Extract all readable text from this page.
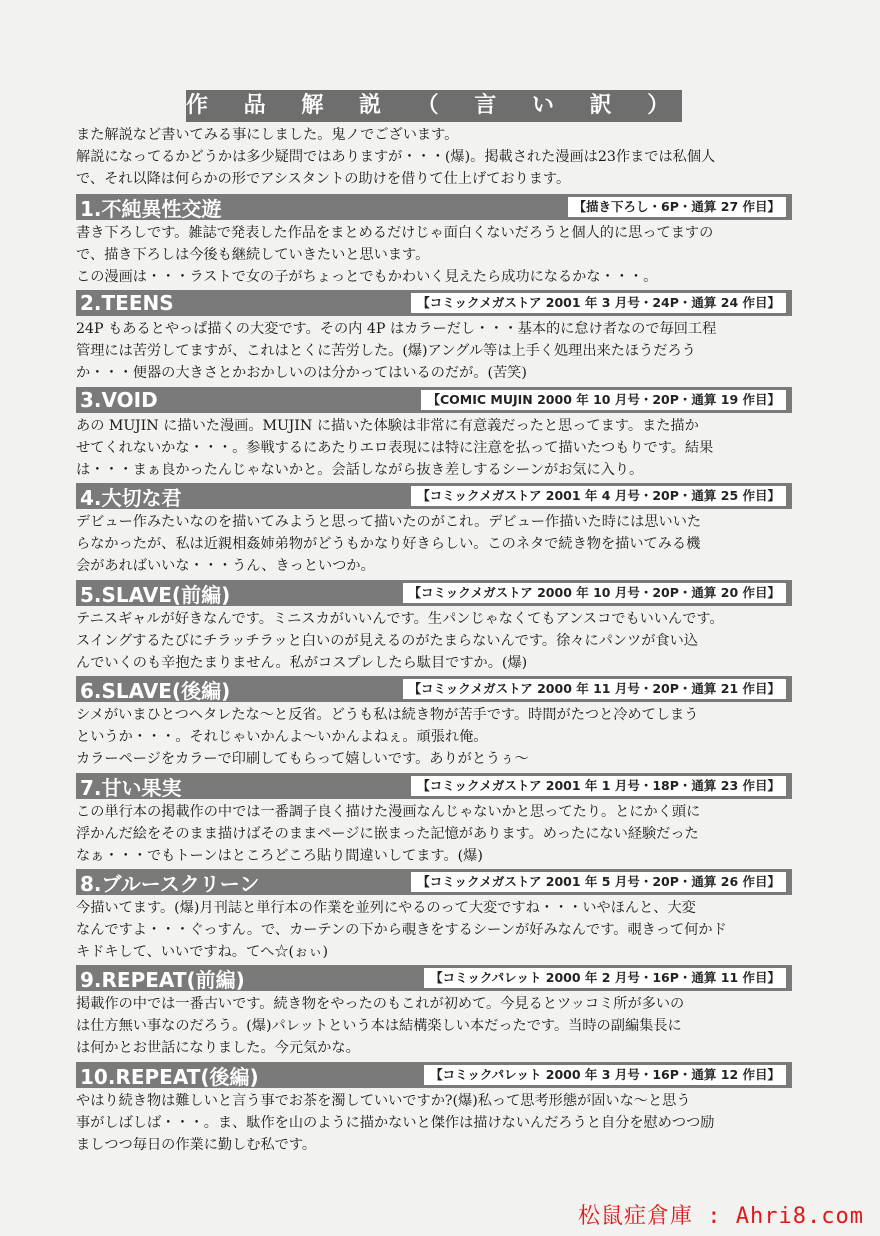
作 品 解 説 （ 言 い 訳 ）
また解説など書いてみる事にしました。鬼ノでございます。
解説になってるかどうかは多少疑問ではありますが・・・(爆)。掲載された漫画は23作までは私個人
で、それ以降は何らかの形でアシスタントの助けを借りて仕上げております。
1.不純異性交遊	【描き下ろし・6P・通算 27 作目】
書き下ろしです。雑誌で発表した作品をまとめるだけじゃ面白くないだろうと個人的に思ってますの
で、描き下ろしは今後も継続していきたいと思います。
この漫画は・・・ラストで女の子がちょっとでもかわいく見えたら成功になるかな・・・。
2.TEENS	【コミックメガストア 2001 年 3 月号・24P・通算 24 作目】
24P もあるとやっぱ描くの大変です。その内 4P はカラーだし・・・基本的に怠け者なので毎回工程
管理には苦労してますが、これはとくに苦労した。(爆)アングル等は上手く処理出来たほうだろう
か・・・便器の大きさとかおかしいのは分かってはいるのだが。(苦笑)
3.VOID	【COMIC MUJIN 2000 年 10 月号・20P・通算 19 作目】
あの MUJIN に描いた漫画。MUJIN に描いた体験は非常に有意義だったと思ってます。また描か
せてくれないかな・・・。参戦するにあたりエロ表現には特に注意を払って描いたつもりです。結果
は・・・まぁ良かったんじゃないかと。会話しながら抜き差しするシーンがお気に入り。
4.大切な君	【コミックメガストア 2001 年 4 月号・20P・通算 25 作目】
デビュー作みたいなのを描いてみようと思って描いたのがこれ。デビュー作描いた時には思いいた
らなかったが、私は近親相姦姉弟物がどうもかなり好きらしい。このネタで続き物を描いてみる機
会があればいいな・・・うん、きっといつか。
5.SLAVE(前編)	【コミックメガストア 2000 年 10 月号・20P・通算 20 作目】
テニスギャルが好きなんです。ミニスカがいいんです。生パンじゃなくてもアンスコでもいいんです。
スイングするたびにチラッチラッと白いのが見えるのがたまらないんです。徐々にパンツが食い込
んでいくのも辛抱たまりません。私がコスプレしたら駄目ですか。(爆)
6.SLAVE(後編)	【コミックメガストア 2000 年 11 月号・20P・通算 21 作目】
シメがいまひとつヘタレたな～と反省。どうも私は続き物が苦手です。時間がたつと冷めてしまう
というか・・・。それじゃいかんよ～いかんよねぇ。頑張れ俺。
カラーページをカラーで印刷してもらって嬉しいです。ありがとうぅ～
7.甘い果実	【コミックメガストア 2001 年 1 月号・18P・通算 23 作目】
この単行本の掲載作の中では一番調子良く描けた漫画なんじゃないかと思ってたり。とにかく頭に
浮かんだ絵をそのまま描けばそのままページに嵌まった記憶があります。めったにない経験だった
なぁ・・・でもトーンはところどころ貼り間違いしてます。(爆)
8.ブルースクリーン	【コミックメガストア 2001 年 5 月号・20P・通算 26 作目】
今描いてます。(爆)月刊誌と単行本の作業を並列にやるのって大変ですね・・・いやほんと、大変
なんですよ・・・ぐっすん。で、カーテンの下から覗きをするシーンが好みなんです。覗きって何かド
キドキして、いいですね。てへ☆(ぉぃ)
9.REPEAT(前編)	【コミックパレット 2000 年 2 月号・16P・通算 11 作目】
掲載作の中では一番古いです。続き物をやったのもこれが初めて。今見るとツッコミ所が多いの
は仕方無い事なのだろう。(爆)パレットという本は結構楽しい本だったです。当時の副編集長に
は何かとお世話になりました。今元気かな。
10.REPEAT(後編)	【コミックパレット 2000 年 3 月号・16P・通算 12 作目】
やはり続き物は難しいと言う事でお茶を濁していいですか?(爆)私って思考形態が固いな～と思う
事がしばしば・・・。ま、駄作を山のように描かないと傑作は描けないんだろうと自分を慰めつつ励
ましつつ毎日の作業に勤しむ私です。
松鼠症倉庫 : Ahri8.com
